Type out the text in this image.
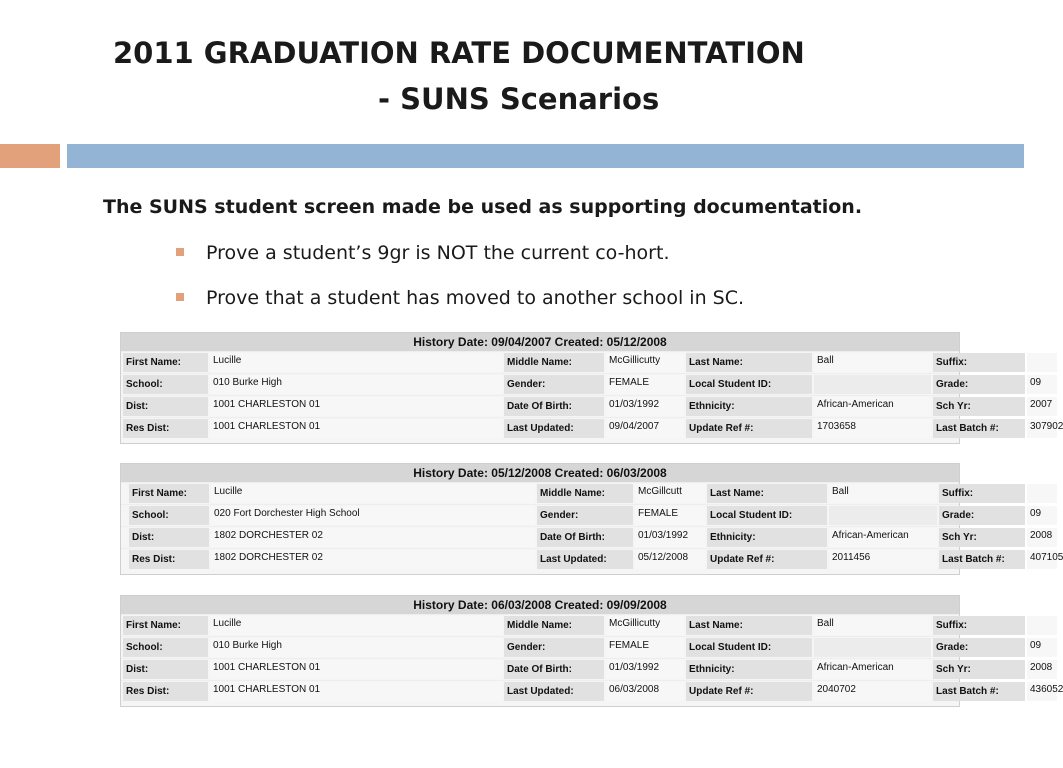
2011 GRADUATION RATE DOCUMENTATION
- SUNS Scenarios
The SUNS student screen made be used as supporting documentation.
Prove a student’s 9gr is NOT the current co-hort.
Prove that a student has moved to another school in SC.
History Date: 09/04/2007 Created: 05/12/2008
First Name:	Lucille	Middle Name:	McGillicutty	Last Name:	Ball	Suffix:
School:	010 Burke High	Gender:	FEMALE	Local Student ID:	Grade:	09
Dist:	1001 CHARLESTON 01	Date Of Birth:	01/03/1992	Ethnicity:	African-American	Sch Yr:	2007
Res Dist:	1001 CHARLESTON 01	Last Updated:	09/04/2007	Update Ref #:	1703658	Last Batch #:	307902
History Date: 05/12/2008 Created: 06/03/2008
First Name:	Lucille	Middle Name:	McGillcutt	Last Name:	Ball	Suffix:
School:	020 Fort Dorchester High School	Gender:	FEMALE	Local Student ID:	Grade:	09
Dist:	1802 DORCHESTER 02	Date Of Birth:	01/03/1992	Ethnicity:	African-American	Sch Yr:	2008
Res Dist:	1802 DORCHESTER 02	Last Updated:	05/12/2008	Update Ref #:	2011456	Last Batch #:	407105
History Date: 06/03/2008 Created: 09/09/2008
First Name:	Lucille	Middle Name:	McGillicutty	Last Name:	Ball	Suffix:
School:	010 Burke High	Gender:	FEMALE	Local Student ID:	Grade:	09
Dist:	1001 CHARLESTON 01	Date Of Birth:	01/03/1992	Ethnicity:	African-American	Sch Yr:	2008
Res Dist:	1001 CHARLESTON 01	Last Updated:	06/03/2008	Update Ref #:	2040702	Last Batch #:	436052
